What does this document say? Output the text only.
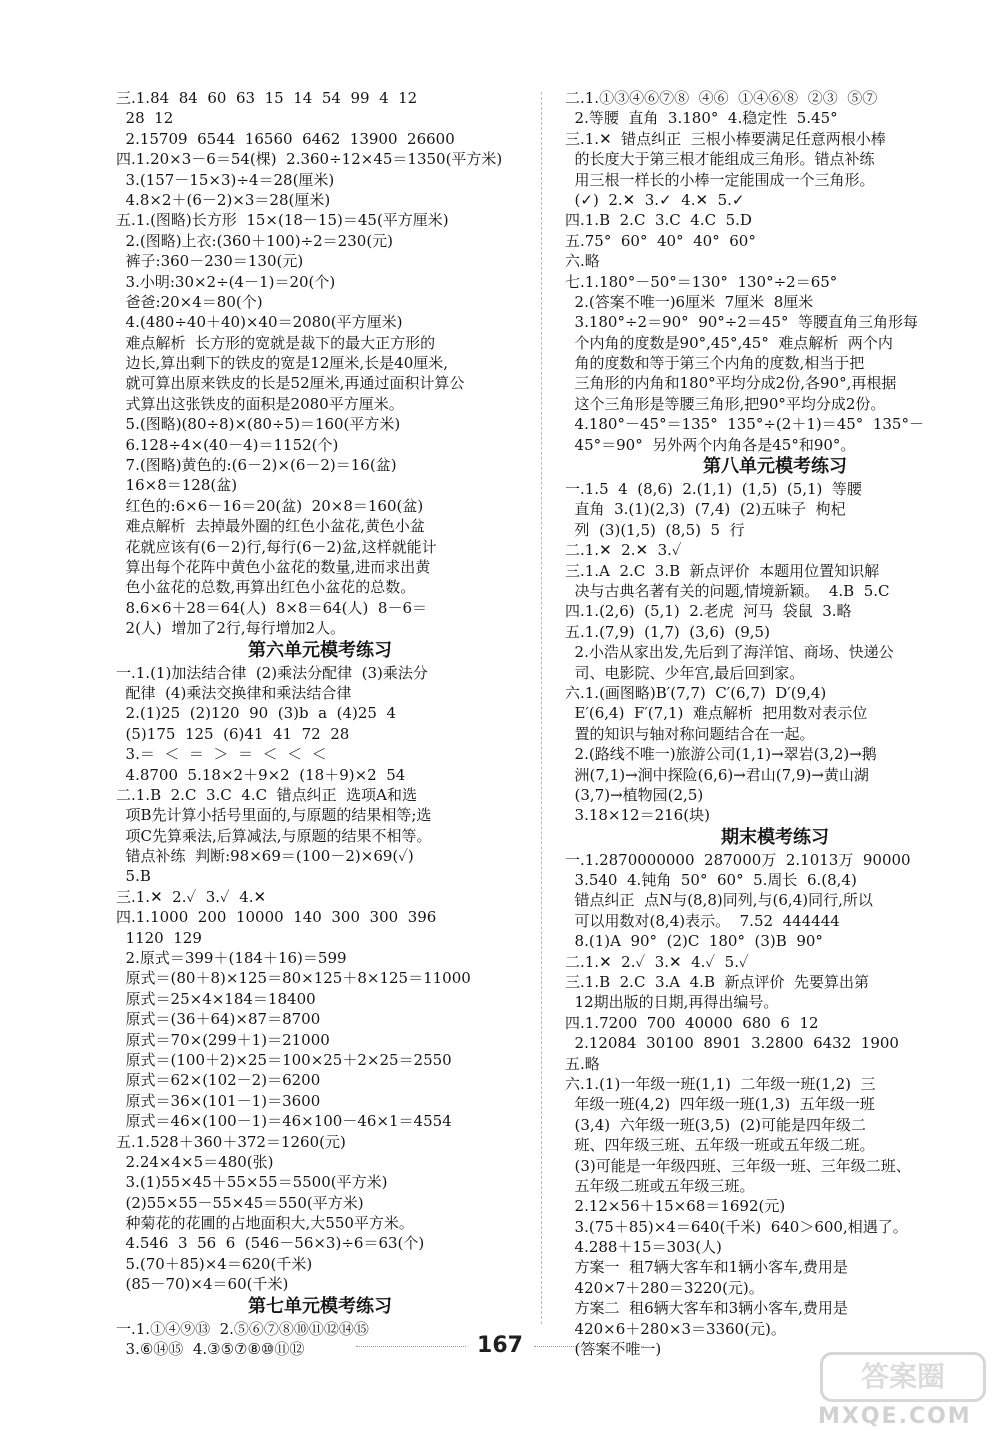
三.1.84  84  60  63  15  14  54  99  4  12
28  12
2.15709  6544  16560  6462  13900  26600
四.1.20×3－6＝54(棵)  2.360÷12×45＝1350(平方米)
3.(157－15×3)÷4＝28(厘米)
4.8×2＋(6－2)×3＝28(厘米)
五.1.(图略)长方形  15×(18－15)＝45(平方厘米)
2.(图略)上衣:(360＋100)÷2＝230(元)
裤子:360－230＝130(元)
3.小明:30×2÷(4－1)＝20(个)
爸爸:20×4＝80(个)
4.(480÷40＋40)×40＝2080(平方厘米)
难点解析  长方形的宽就是裁下的最大正方形的
边长,算出剩下的铁皮的宽是12厘米,长是40厘米,
就可算出原来铁皮的长是52厘米,再通过面积计算公
式算出这张铁皮的面积是2080平方厘米。
5.(图略)(80÷8)×(80÷5)＝160(平方米)
6.128÷4×(40－4)＝1152(个)
7.(图略)黄色的:(6－2)×(6－2)＝16(盆)
16×8＝128(盆)
红色的:6×6－16＝20(盆)  20×8＝160(盆)
难点解析  去掉最外圈的红色小盆花,黄色小盆
花就应该有(6－2)行,每行(6－2)盆,这样就能计
算出每个花阵中黄色小盆花的数量,进而求出黄
色小盆花的总数,再算出红色小盆花的总数。
8.6×6＋28＝64(人)  8×8＝64(人)  8－6＝
2(人)  增加了2行,每行增加2人。
第六单元模考练习
一.1.(1)加法结合律  (2)乘法分配律  (3)乘法分
配律  (4)乘法交换律和乘法结合律
2.(1)25  (2)120  90  (3)b  a  (4)25  4
(5)175  125  (6)41  41  72  28
3.＝  ＜  ＝  ＞  ＝  ＜  ＜  ＜
4.8700  5.18×2＋9×2  (18＋9)×2  54
二.1.B  2.C  3.C  4.C  错点纠正  选项A和选
项B先计算小括号里面的,与原题的结果相等;选
项C先算乘法,后算减法,与原题的结果不相等。
错点补练  判断:98×69＝(100－2)×69(✓)
5.B
三.1.✕  2.✓  3.✓  4.✕
四.1.1000  200  10000  140  300  300  396
1120  129
2.原式＝399＋(184＋16)＝599
原式＝(80＋8)×125＝80×125＋8×125＝11000
原式＝25×4×184＝18400
原式＝(36＋64)×87＝8700
原式＝70×(299＋1)＝21000
原式＝(100＋2)×25＝100×25＋2×25＝2550
原式＝62×(102－2)＝6200
原式＝36×(101－1)＝3600
原式＝46×(100－1)＝46×100－46×1＝4554
五.1.528＋360＋372＝1260(元)
2.24×4×5＝480(张)
3.(1)55×45＋55×55＝5500(平方米)
(2)55×55－55×45＝550(平方米)
种菊花的花圃的占地面积大,大550平方米。
4.546  3  56  6  (546－56×3)÷6＝63(个)
5.(70＋85)×4＝620(千米)
(85－70)×4＝60(千米)
第七单元模考练习
一.1.①④⑨⑬  2.⑤⑥⑦⑧⑩⑪⑫⑭⑮
3.⑥⑭⑮  4.③⑤⑦⑧⑩⑪⑫
二.1.①③④⑥⑦⑧  ④⑥  ①④⑥⑧  ②③  ⑤⑦
2.等腰  直角  3.180°  4.稳定性  5.45°
三.1.✕  错点纠正  三根小棒要满足任意两根小棒
的长度大于第三根才能组成三角形。错点补练
用三根一样长的小棒一定能围成一个三角形。
(✓)  2.✕  3.✓  4.✕  5.✓
四.1.B  2.C  3.C  4.C  5.D
五.75°  60°  40°  40°  60°
六.略
七.1.180°－50°＝130°  130°÷2＝65°
2.(答案不唯一)6厘米  7厘米  8厘米
3.180°÷2＝90°  90°÷2＝45°  等腰直角三角形每
个内角的度数是90°,45°,45°  难点解析  两个内
角的度数和等于第三个内角的度数,相当于把
三角形的内角和180°平均分成2份,各90°,再根据
这个三角形是等腰三角形,把90°平均分成2份。
4.180°－45°＝135°  135°÷(2＋1)＝45°  135°－
45°＝90°  另外两个内角各是45°和90°。
第八单元模考练习
一.1.5  4  (8,6)  2.(1,1)  (1,5)  (5,1)  等腰
直角  3.(1)(2,3)  (7,4)  (2)五味子  枸杞
列  (3)(1,5)  (8,5)  5  行
二.1.✕  2.✕  3.✓
三.1.A  2.C  3.B  新点评价  本题用位置知识解
决与古典名著有关的问题,情境新颖。  4.B  5.C
四.1.(2,6)  (5,1)  2.老虎  河马  袋鼠  3.略
五.1.(7,9)  (1,7)  (3,6)  (9,5)
2.小浩从家出发,先后到了海洋馆、商场、快递公
司、电影院、少年宫,最后回到家。
六.1.(画图略)B′(7,7)  C′(6,7)  D′(9,4)
E′(6,4)  F′(7,1)  难点解析  把用数对表示位
置的知识与轴对称问题结合在一起。
2.(路线不唯一)旅游公司(1,1)→翠岩(3,2)→鹅
洲(7,1)→涧中探险(6,6)→君山(7,9)→黄山湖
(3,7)→植物园(2,5)
3.18×12＝216(块)
期末模考练习
一.1.2870000000  287000万  2.1013万  90000
3.540  4.钝角  50°  60°  5.周长  6.(8,4)
错点纠正  点N与(8,8)同列,与(6,4)同行,所以
可以用数对(8,4)表示。  7.52  444444
8.(1)A  90°  (2)C  180°  (3)B  90°
二.1.✕  2.✓  3.✕  4.✓  5.✓
三.1.B  2.C  3.A  4.B  新点评价  先要算出第
12期出版的日期,再得出编号。
四.1.7200  700  40000  680  6  12
2.12084  30100  8901  3.2800  6432  1900
五.略
六.1.(1)一年级一班(1,1)  二年级一班(1,2)  三
年级一班(4,2)  四年级一班(1,3)  五年级一班
(3,4)  六年级一班(3,5)  (2)可能是四年级二
班、四年级三班、五年级一班或五年级二班。
(3)可能是一年级四班、三年级一班、三年级二班、
五年级二班或五年级三班。
2.12×56＋15×68＝1692(元)
3.(75＋85)×4＝640(千米)  640＞600,相遇了。
4.288＋15＝303(人)
方案一  租7辆大客车和1辆小客车,费用是
420×7＋280＝3220(元)。
方案二  租6辆大客车和3辆小客车,费用是
420×6＋280×3＝3360(元)。
(答案不唯一)
167
答案圈
MXQE.COM
